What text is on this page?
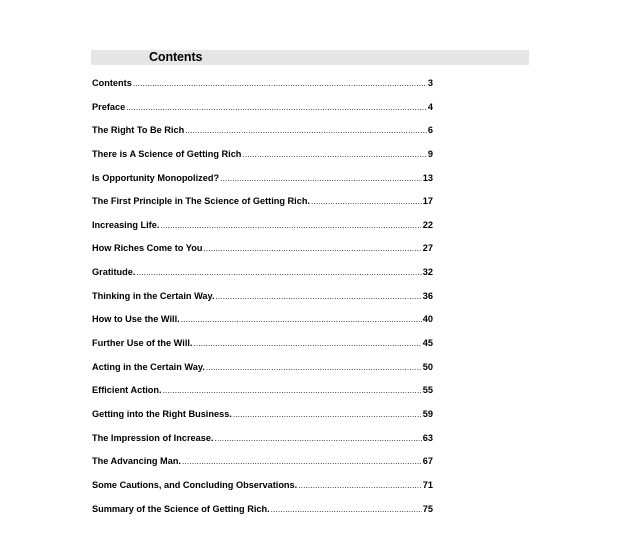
Contents
Contents .....	3
Preface .....	4
The Right To Be Rich .....	6
There is A Science of Getting Rich .....	9
Is Opportunity Monopolized? .....	13
The First Principle in The Science of Getting Rich. .....	17
Increasing Life. .....	22
How Riches Come to You .....	27
Gratitude. .....	32
Thinking in the Certain Way. .....	36
How to Use the Will. .....	40
Further Use of the Will. .....	45
Acting in the Certain Way. .....	50
Efficient Action. .....	55
Getting into the Right Business. .....	59
The Impression of Increase. .....	63
The Advancing Man. .....	67
Some Cautions, and Concluding Observations. .....	71
Summary of the Science of Getting Rich. .....	75
